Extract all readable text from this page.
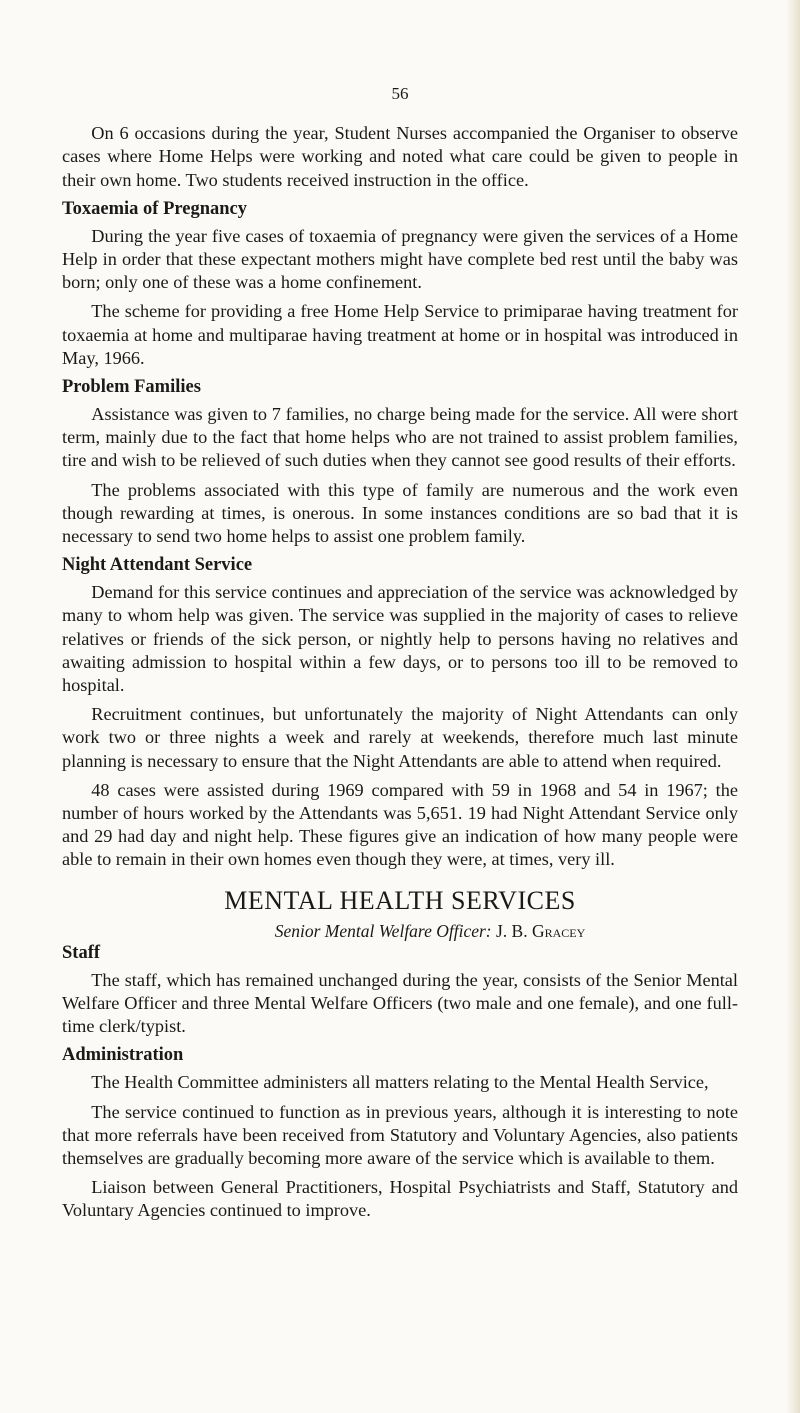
56

On 6 occasions during the year, Student Nurses accompanied the Organiser to observe cases where Home Helps were working and noted what care could be given to people in their own home. Two students received instruction in the office.

Toxaemia of Pregnancy

During the year five cases of toxaemia of pregnancy were given the services of a Home Help in order that these expectant mothers might have complete bed rest until the baby was born; only one of these was a home confinement.

The scheme for providing a free Home Help Service to primiparae having treatment for toxaemia at home and multiparae having treatment at home or in hospital was introduced in May, 1966.

Problem Families

Assistance was given to 7 families, no charge being made for the service. All were short term, mainly due to the fact that home helps who are not trained to assist problem families, tire and wish to be relieved of such duties when they cannot see good results of their efforts.

The problems associated with this type of family are numerous and the work even though rewarding at times, is onerous. In some instances conditions are so bad that it is necessary to send two home helps to assist one problem family.

Night Attendant Service

Demand for this service continues and appreciation of the service was acknowledged by many to whom help was given. The service was supplied in the majority of cases to relieve relatives or friends of the sick person, or nightly help to persons having no relatives and awaiting admission to hospital within a few days, or to persons too ill to be removed to hospital.

Recruitment continues, but unfortunately the majority of Night Attendants can only work two or three nights a week and rarely at weekends, therefore much last minute planning is necessary to ensure that the Night Attendants are able to attend when required.

48 cases were assisted during 1969 compared with 59 in 1968 and 54 in 1967; the number of hours worked by the Attendants was 5,651. 19 had Night Attendant Service only and 29 had day and night help. These figures give an indication of how many people were able to remain in their own homes even though they were, at times, very ill.

MENTAL HEALTH SERVICES
Senior Mental Welfare Officer: J. B. Gracey
Staff

The staff, which has remained unchanged during the year, consists of the Senior Mental Welfare Officer and three Mental Welfare Officers (two male and one female), and one full-time clerk/typist.

Administration

The Health Committee administers all matters relating to the Mental Health Service,

The service continued to function as in previous years, although it is interesting to note that more referrals have been received from Statutory and Voluntary Agencies, also patients themselves are gradually becoming more aware of the service which is available to them.

Liaison between General Practitioners, Hospital Psychiatrists and Staff, Statutory and Voluntary Agencies continued to improve.
